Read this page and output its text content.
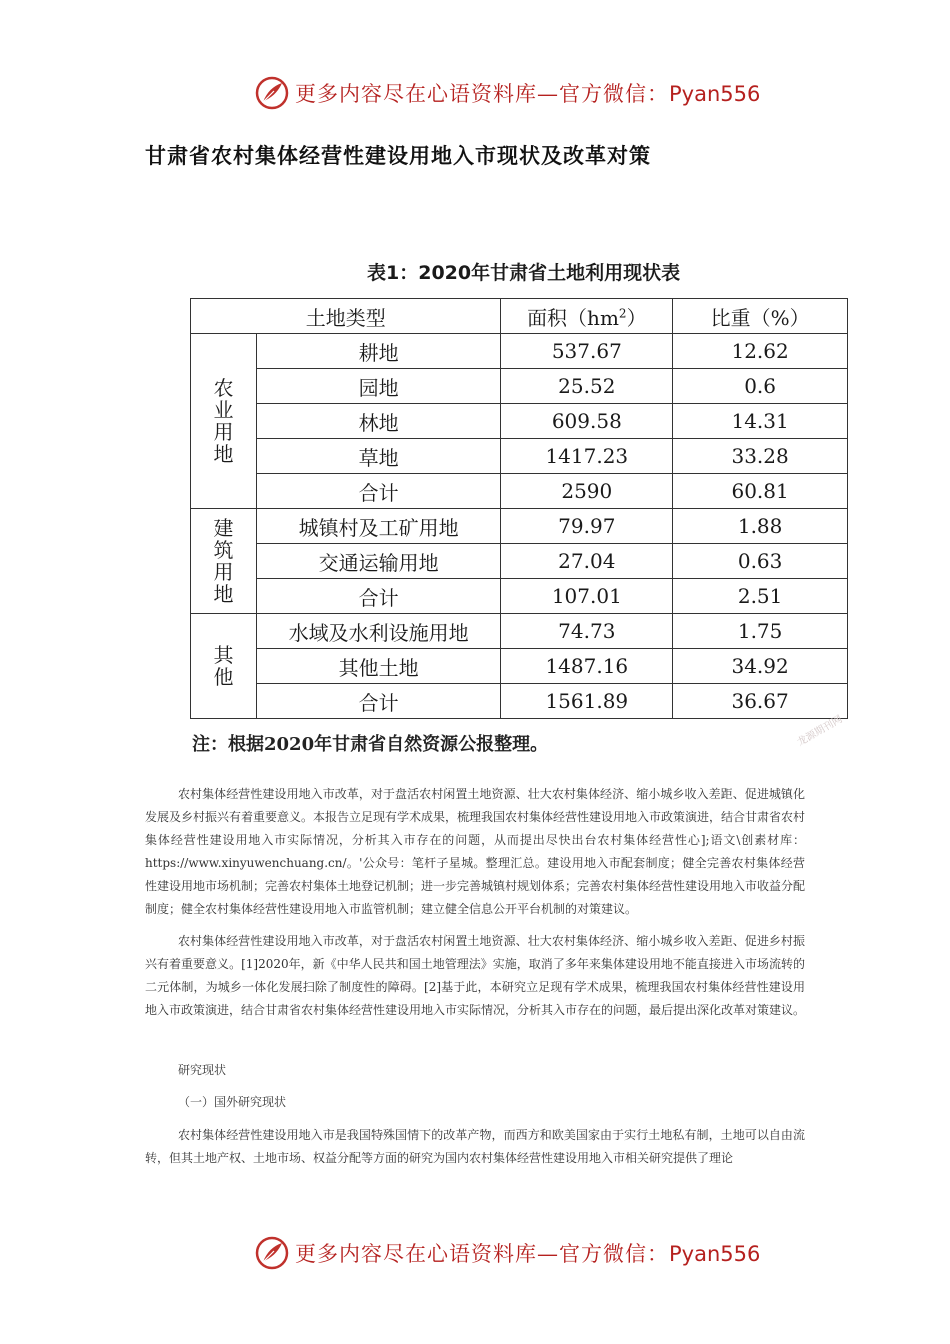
更多内容尽在心语资料库—官方微信：Pyan556
甘肃省农村集体经营性建设用地入市现状及改革对策
表1：2020年甘肃省土地利用现状表
土地类型		面积$(hm^2)$	比重（%）

农
业
用
地	耕地	537.67	12.62
	园地	25.52	0.6
	林地	609.58	14.31
	草地	1417.23	33.28
	合计	2590	60.81

建
筑
用
地	城镇村及工矿用地	79.97	1.88
	交通运输用地	27.04	0.63
	合计	107.01	2.51

其
他	水域及水利设施用地	74.73	1.75
	其他土地	1487.16	34.92
	合计	1561.89	36.67
注：根据2020年甘肃省自然资源公报整理。	龙源期刊网
农村集体经营性建设用地入市改革，对于盘活农村闲置土地资源、壮大农村集体经济、缩小城乡收入差距、促进城镇化发展及乡村振兴有着重要意义。本报告立足现有学术成果，梳理我国农村集体经营性建设用地入市政策演进，结合甘肃省农村集体经营性建设用地入市实际情况，分析其入市存在的问题，从而提出尽快出台农村集体经营性心];语文\创素材库：https://www.xinyuwenchuang.cn/。'公众号：笔杆子星城。整理汇总。建设用地入市配套制度；健全完善农村集体经营性建设用地市场机制；完善农村集体土地登记机制；进一步完善城镇村规划体系；完善农村集体经营性建设用地入市收益分配制度；健全农村集体经营性建设用地入市监管机制；建立健全信息公开平台机制的对策建议。
农村集体经营性建设用地入市改革，对于盘活农村闲置土地资源、壮大农村集体经济、缩小城乡收入差距、促进乡村振兴有着重要意义。[1]2020年，新《中华人民共和国土地管理法》实施，取消了多年来集体建设用地不能直接进入市场流转的二元体制，为城乡一体化发展扫除了制度性的障碍。[2]基于此，本研究立足现有学术成果，梳理我国农村集体经营性建设用地入市政策演进，结合甘肃省农村集体经营性建设用地入市实际情况，分析其入市存在的问题，最后提出深化改革对策建议。
研究现状
（一）国外研究现状
农村集体经营性建设用地入市是我国特殊国情下的改革产物，而西方和欧美国家由于实行土地私有制，土地可以自由流转，但其土地产权、土地市场、权益分配等方面的研究为国内农村集体经营性建设用地入市相关研究提供了理论
更多内容尽在心语资料库—官方微信：Pyan556
